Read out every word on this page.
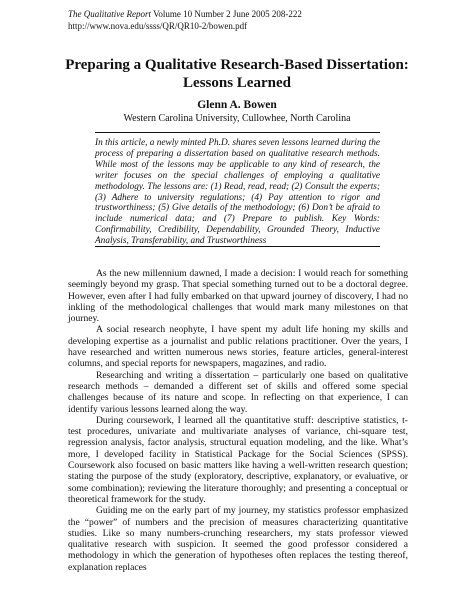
The Qualitative Report Volume 10 Number 2 June 2005 208-222
http://www.nova.edu/ssss/QR/QR10-2/bowen.pdf
Preparing a Qualitative Research-Based Dissertation:
Lessons Learned
Glenn A. Bowen
Western Carolina University, Cullowhee, North Carolina
In this article, a newly minted Ph.D. shares seven lessons learned during the process of preparing a dissertation based on qualitative research methods. While most of the lessons may be applicable to any kind of research, the writer focuses on the special challenges of employing a qualitative methodology. The lessons are: (1) Read, read, read; (2) Consult the experts; (3) Adhere to university regulations; (4) Pay attention to rigor and trustworthiness; (5) Give details of the methodology; (6) Don’t be afraid to include numerical data; and (7) Prepare to publish. Key Words: Confirmability, Credibility, Dependability, Grounded Theory, Inductive Analysis, Transferability, and Trustworthiness

As the new millennium dawned, I made a decision: I would reach for something seemingly beyond my grasp. That special something turned out to be a doctoral degree. However, even after I had fully embarked on that upward journey of discovery, I had no inkling of the methodological challenges that would mark many milestones on that journey.

A social research neophyte, I have spent my adult life honing my skills and developing expertise as a journalist and public relations practitioner. Over the years, I have researched and written numerous news stories, feature articles, general-interest columns, and special reports for newspapers, magazines, and radio.

Researching and writing a dissertation – particularly one based on qualitative research methods – demanded a different set of skills and offered some special challenges because of its nature and scope. In reflecting on that experience, I can identify various lessons learned along the way.

During coursework, I learned all the quantitative stuff: descriptive statistics, t-test procedures, univariate and multivariate analyses of variance, chi-square test, regression analysis, factor analysis, structural equation modeling, and the like. What’s more, I developed facility in Statistical Package for the Social Sciences (SPSS). Coursework also focused on basic matters like having a well-written research question; stating the purpose of the study (exploratory, descriptive, explanatory, or evaluative, or some combination); reviewing the literature thoroughly; and presenting a conceptual or theoretical framework for the study.

Guiding me on the early part of my journey, my statistics professor emphasized the “power” of numbers and the precision of measures characterizing quantitative studies. Like so many numbers-crunching researchers, my stats professor viewed qualitative research with suspicion. It seemed the good professor considered a methodology in which the generation of hypotheses often replaces the testing thereof, explanation replaces
